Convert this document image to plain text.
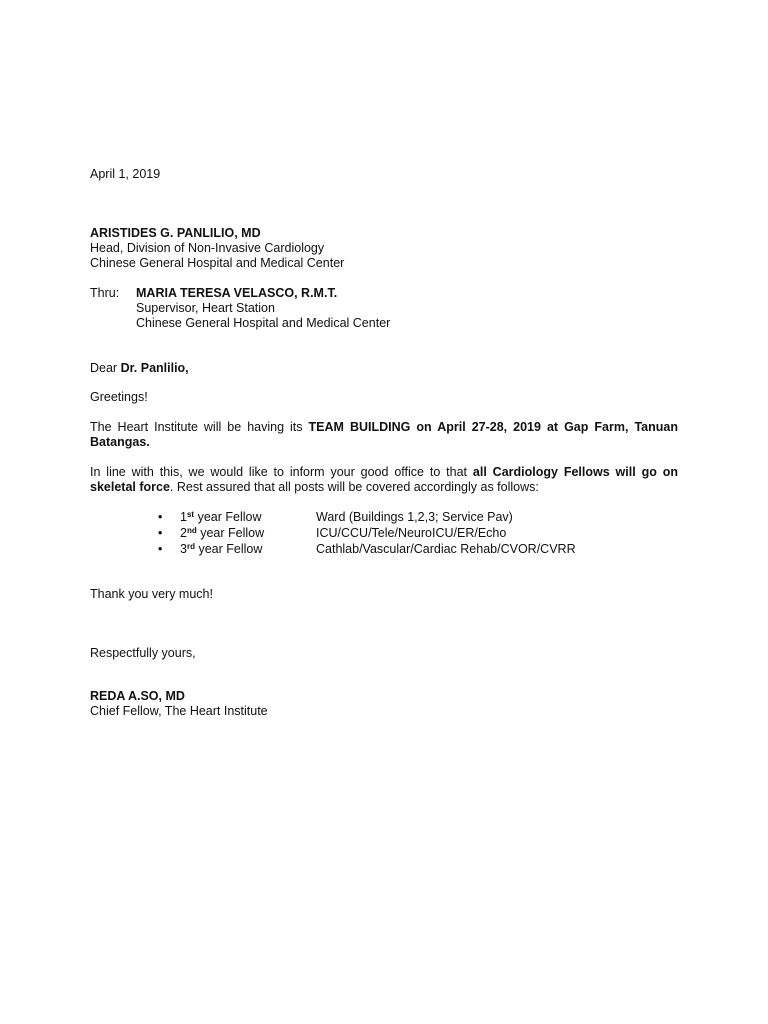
April 1, 2019
ARISTIDES G. PANLILIO, MD
Head, Division of Non-Invasive Cardiology
Chinese General Hospital and Medical Center
Thru: MARIA TERESA VELASCO, R.M.T.
Supervisor, Heart Station
Chinese General Hospital and Medical Center
Dear Dr. Panlilio,
Greetings!
The Heart Institute will be having its TEAM BUILDING on April 27-28, 2019 at Gap Farm, Tanuan Batangas.
In line with this, we would like to inform your good office to that all Cardiology Fellows will go on skeletal force. Rest assured that all posts will be covered accordingly as follows:
• 1st year Fellow	Ward (Buildings 1,2,3; Service Pav)
• 2nd year Fellow	ICU/CCU/Tele/NeuroICU/ER/Echo
• 3rd year Fellow	Cathlab/Vascular/Cardiac Rehab/CVOR/CVRR
Thank you very much!
Respectfully yours,
REDA A.SO, MD
Chief Fellow, The Heart Institute
